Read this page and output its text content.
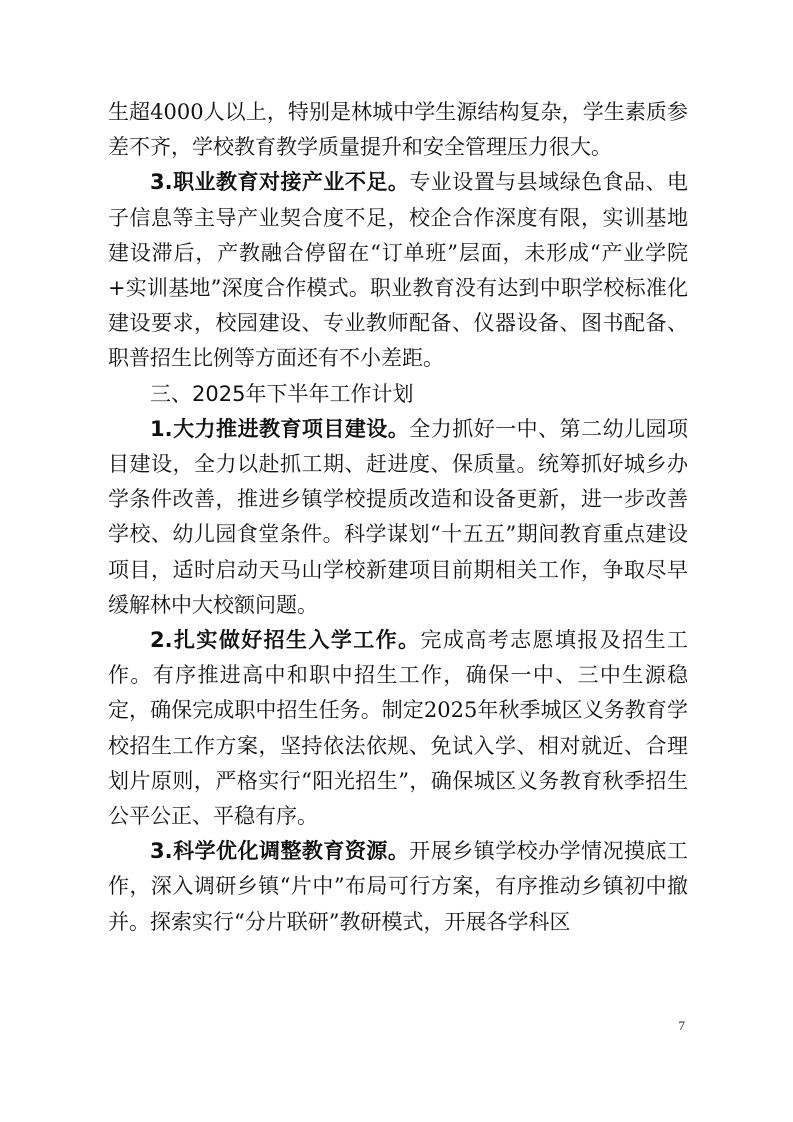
生超4000人以上，特别是林城中学生源结构复杂，学生素质参差不齐，学校教育教学质量提升和安全管理压力很大。

3.职业教育对接产业不足。专业设置与县域绿色食品、电子信息等主导产业契合度不足，校企合作深度有限，实训基地建设滞后，产教融合停留在“订单班”层面，未形成“产业学院+实训基地”深度合作模式。职业教育没有达到中职学校标准化建设要求，校园建设、专业教师配备、仪器设备、图书配备、职普招生比例等方面还有不小差距。

三、2025年下半年工作计划

1.大力推进教育项目建设。全力抓好一中、第二幼儿园项目建设，全力以赴抓工期、赶进度、保质量。统筹抓好城乡办学条件改善，推进乡镇学校提质改造和设备更新，进一步改善学校、幼儿园食堂条件。科学谋划“十五五”期间教育重点建设项目，适时启动天马山学校新建项目前期相关工作，争取尽早缓解林中大校额问题。

2.扎实做好招生入学工作。完成高考志愿填报及招生工作。有序推进高中和职中招生工作，确保一中、三中生源稳定，确保完成职中招生任务。制定2025年秋季城区义务教育学校招生工作方案，坚持依法依规、免试入学、相对就近、合理划片原则，严格实行“阳光招生”，确保城区义务教育秋季招生公平公正、平稳有序。

3.科学优化调整教育资源。开展乡镇学校办学情况摸底工作，深入调研乡镇“片中”布局可行方案，有序推动乡镇初中撤并。探索实行“分片联研”教研模式，开展各学科区

7
